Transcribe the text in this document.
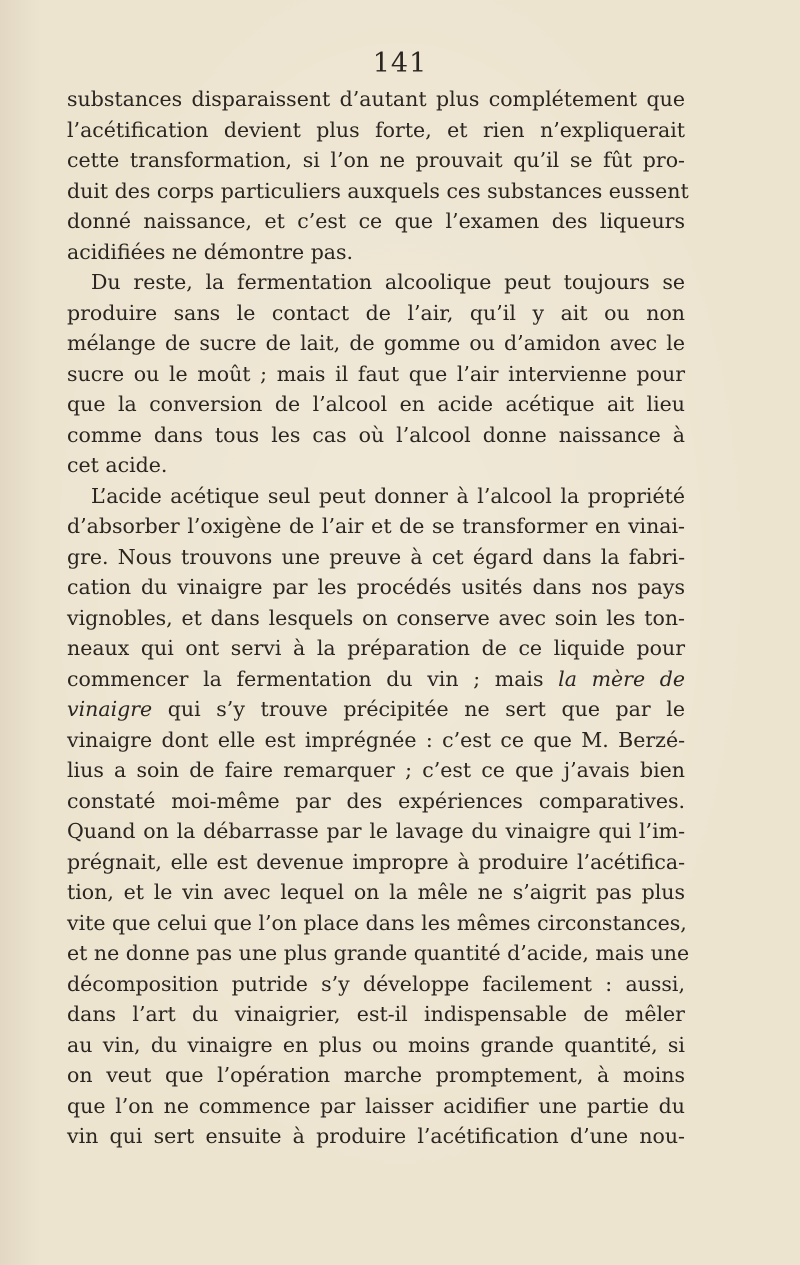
141
substances disparaissent d’autant plus complétement que
l’acétification devient plus forte, et rien n’expliquerait
cette transformation, si l’on ne prouvait qu’il se fût pro-
duit des corps particuliers auxquels ces substances eussent
donné naissance, et c’est ce que l’examen des liqueurs
acidifiées ne démontre pas.
Du reste, la fermentation alcoolique peut toujours se
produire sans le contact de l’air, qu’il y ait ou non
mélange de sucre de lait, de gomme ou d’amidon avec le
sucre ou le moût ; mais il faut que l’air intervienne pour
que la conversion de l’alcool en acide acétique ait lieu
comme dans tous les cas où l’alcool donne naissance à
cet acide.
L’acide acétique seul peut donner à l’alcool la propriété
d’absorber l’oxigène de l’air et de se transformer en vinai-
gre. Nous trouvons une preuve à cet égard dans la fabri-
cation du vinaigre par les procédés usités dans nos pays
vignobles, et dans lesquels on conserve avec soin les ton-
neaux qui ont servi à la préparation de ce liquide pour
commencer la fermentation du vin ; mais la mère de
vinaigre qui s’y trouve précipitée ne sert que par le
vinaigre dont elle est imprégnée : c’est ce que M. Berzé-
lius a soin de faire remarquer ; c’est ce que j’avais bien
constaté moi-même par des expériences comparatives.
Quand on la débarrasse par le lavage du vinaigre qui l’im-
prégnait, elle est devenue impropre à produire l’acétifica-
tion, et le vin avec lequel on la mêle ne s’aigrit pas plus
vite que celui que l’on place dans les mêmes circonstances,
et ne donne pas une plus grande quantité d’acide, mais une
décomposition putride s’y développe facilement : aussi,
dans l’art du vinaigrier, est-il indispensable de mêler
au vin, du vinaigre en plus ou moins grande quantité, si
on veut que l’opération marche promptement, à moins
que l’on ne commence par laisser acidifier une partie du
vin qui sert ensuite à produire l’acétification d’une nou-
